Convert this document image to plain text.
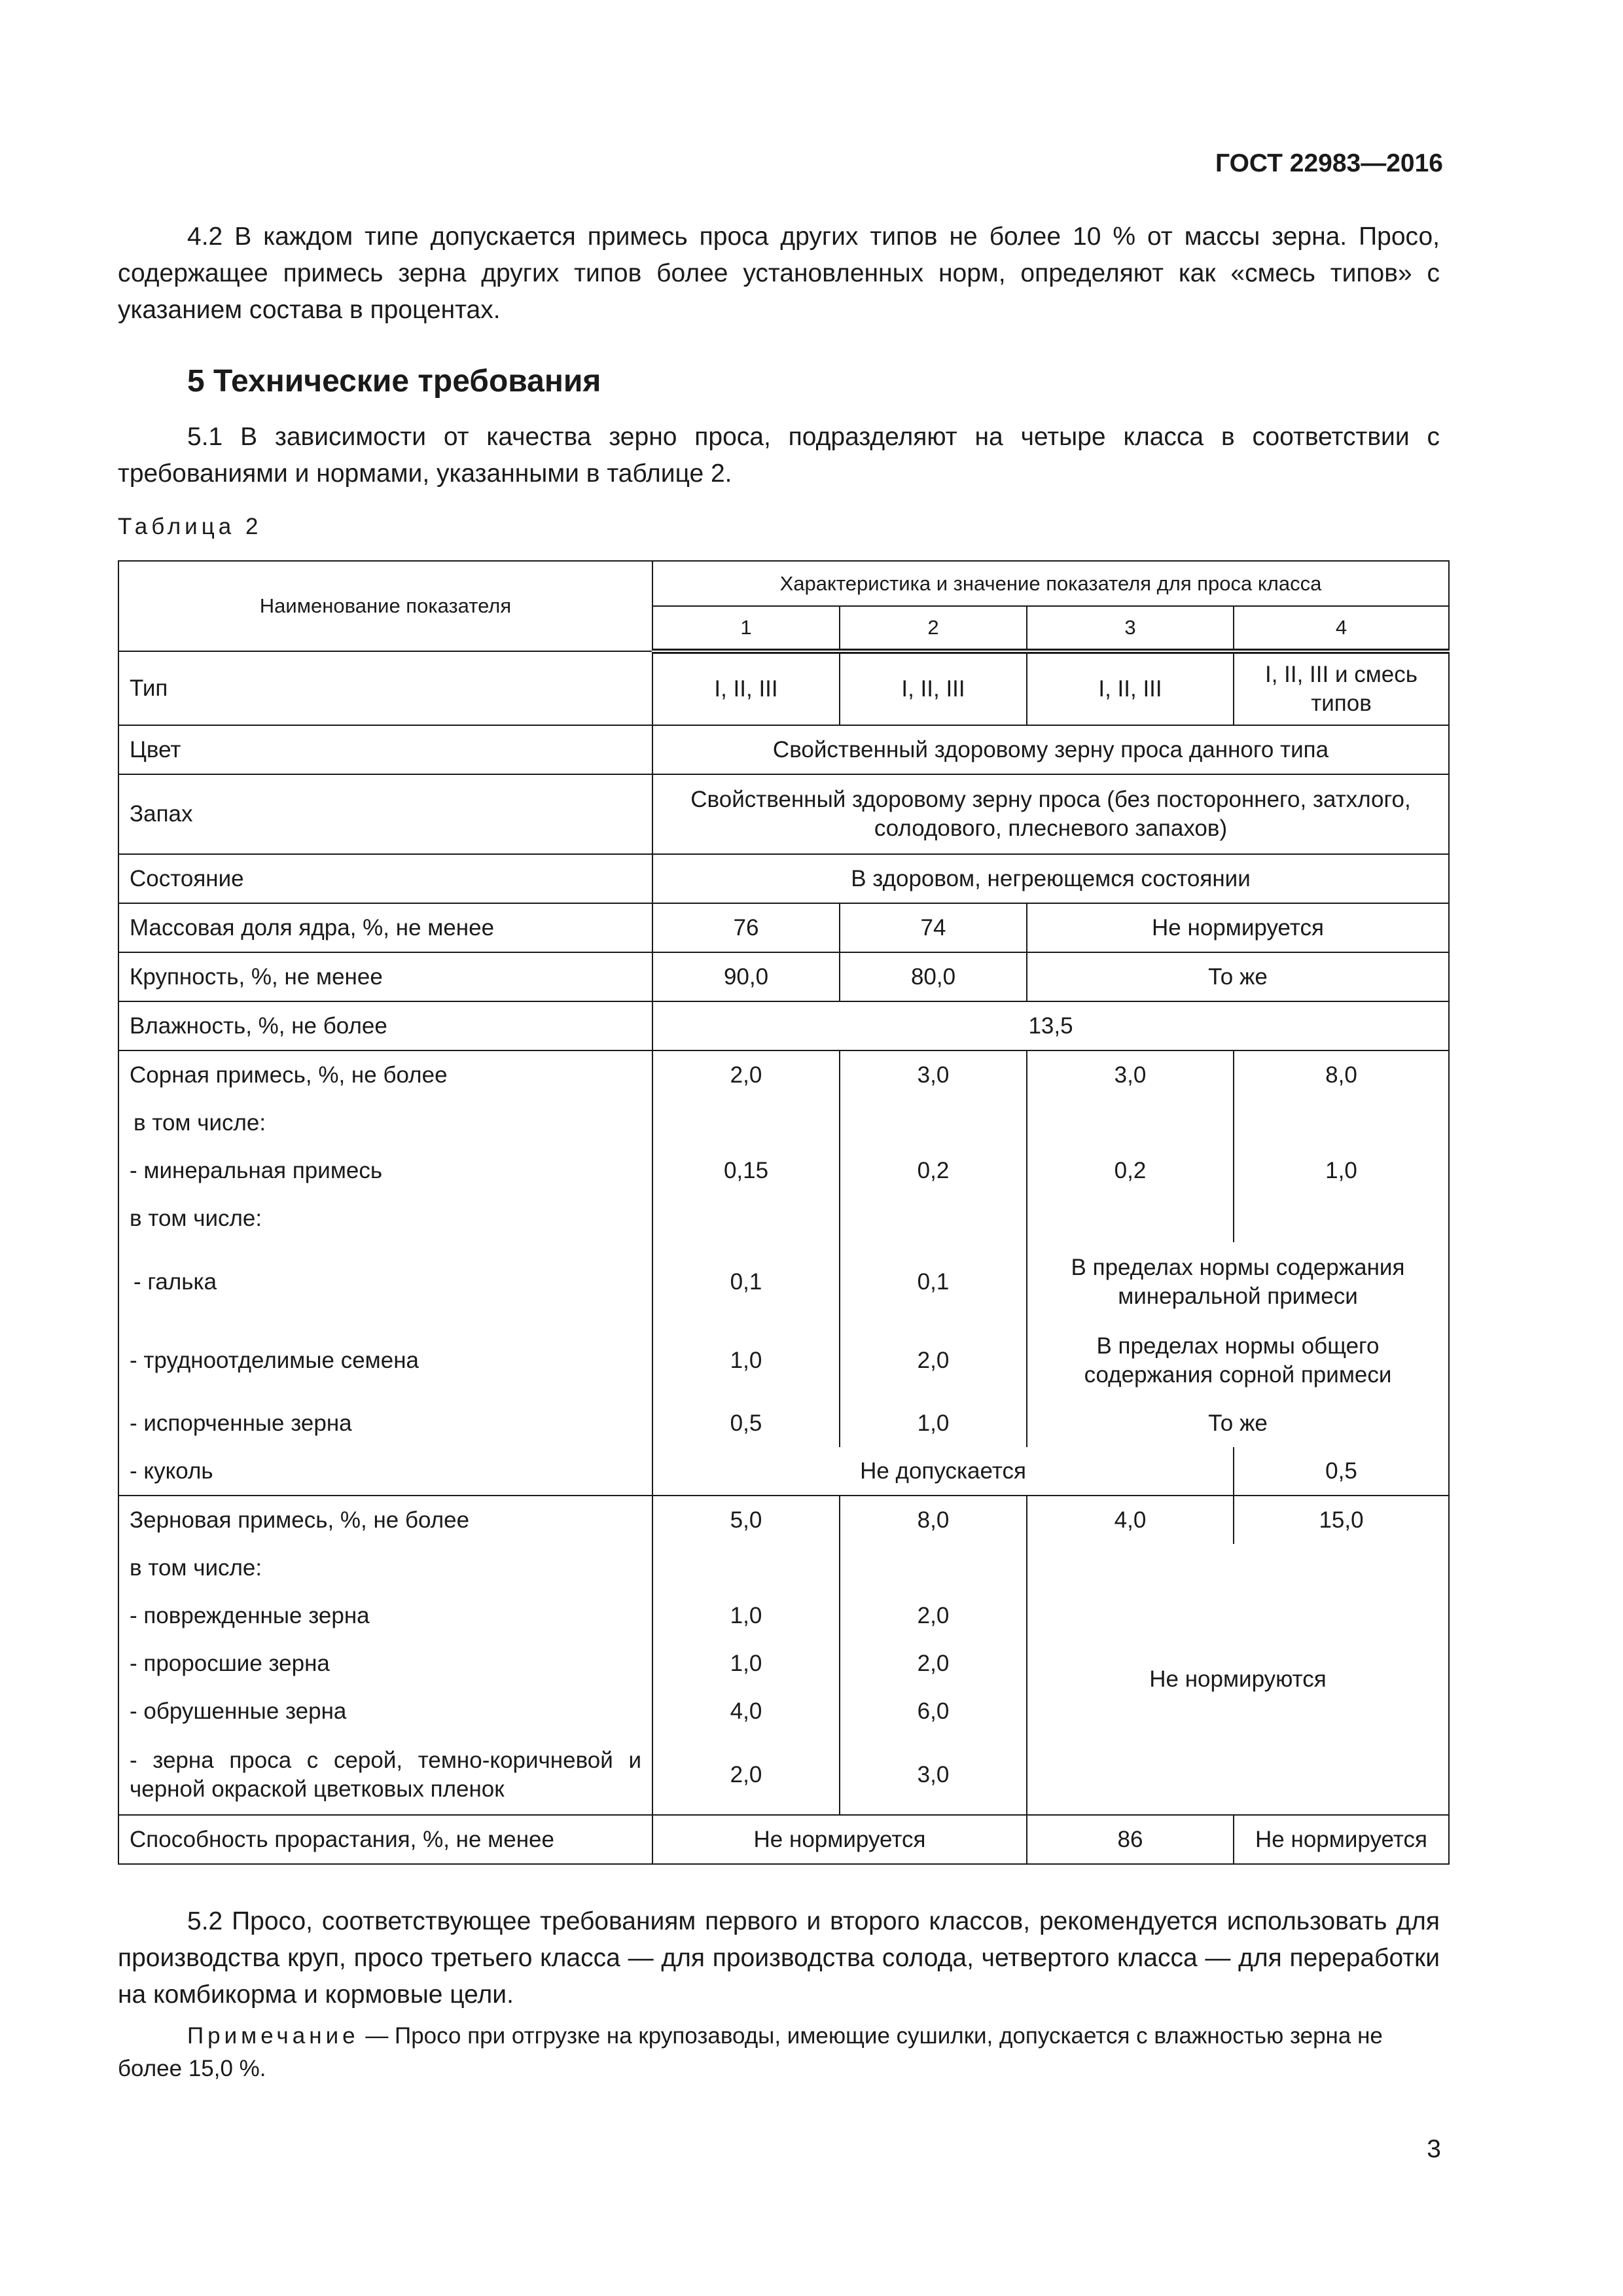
ГОСТ 22983—2016
4.2 В каждом типе допускается примесь проса других типов не более 10 % от массы зерна. Просо, содержащее примесь зерна других типов более установленных норм, определяют как «смесь типов» с указанием состава в процентах.
5 Технические требования
5.1 В зависимости от качества зерно проса, подразделяют на четыре класса в соответствии с требованиями и нормами, указанными в таблице 2.
Таблица 2
Наименование показателя	Характеристика и значение показателя для проса класса			
	1	2	3	4
Тип	I, II, III	I, II, III	I, II, III	I, II, III и смесь типов
Цвет	Свойственный здоровому зерну проса данного типа			
Запах	Свойственный здоровому зерну проса (без постороннего, затхлого, солодового, плесневого запахов)			
Состояние	В здоровом, негреющемся состоянии			
Массовая доля ядра, %, не менее	76	74	Не нормируется	
Крупность, %, не менее	90,0	80,0	То же	
Влажность, %, не более	13,5			
Сорная примесь, %, не более	2,0	3,0	3,0	8,0
в том числе:				
- минеральная примесь	0,15	0,2	0,2	1,0
в том числе:				
- галька	0,1	0,1	В пределах нормы содержания минеральной примеси	
- трудноотделимые семена	1,0	2,0	В пределах нормы общего содержания сорной примеси	
- испорченные зерна	0,5	1,0	То же	
- куколь	Не допускается			0,5
Зерновая примесь, %, не более	5,0	8,0	4,0	15,0
в том числе:			Не нормируются	
- поврежденные зерна	1,0	2,0		
- проросшие зерна	1,0	2,0		
- обрушенные зерна	4,0	6,0		
- зерна проса с серой, темно-коричневой и черной окраской цветковых пленок	2,0	3,0		
Способность прорастания, %, не менее	Не нормируется		86	Не нормируется
5.2 Просо, соответствующее требованиям первого и второго классов, рекомендуется использовать для производства круп, просо третьего класса — для производства солода, четвертого класса — для переработки на комбикорма и кормовые цели.
Примечание — Просо при отгрузке на крупозаводы, имеющие сушилки, допускается с влажностью зерна не более 15,0 %.
3
